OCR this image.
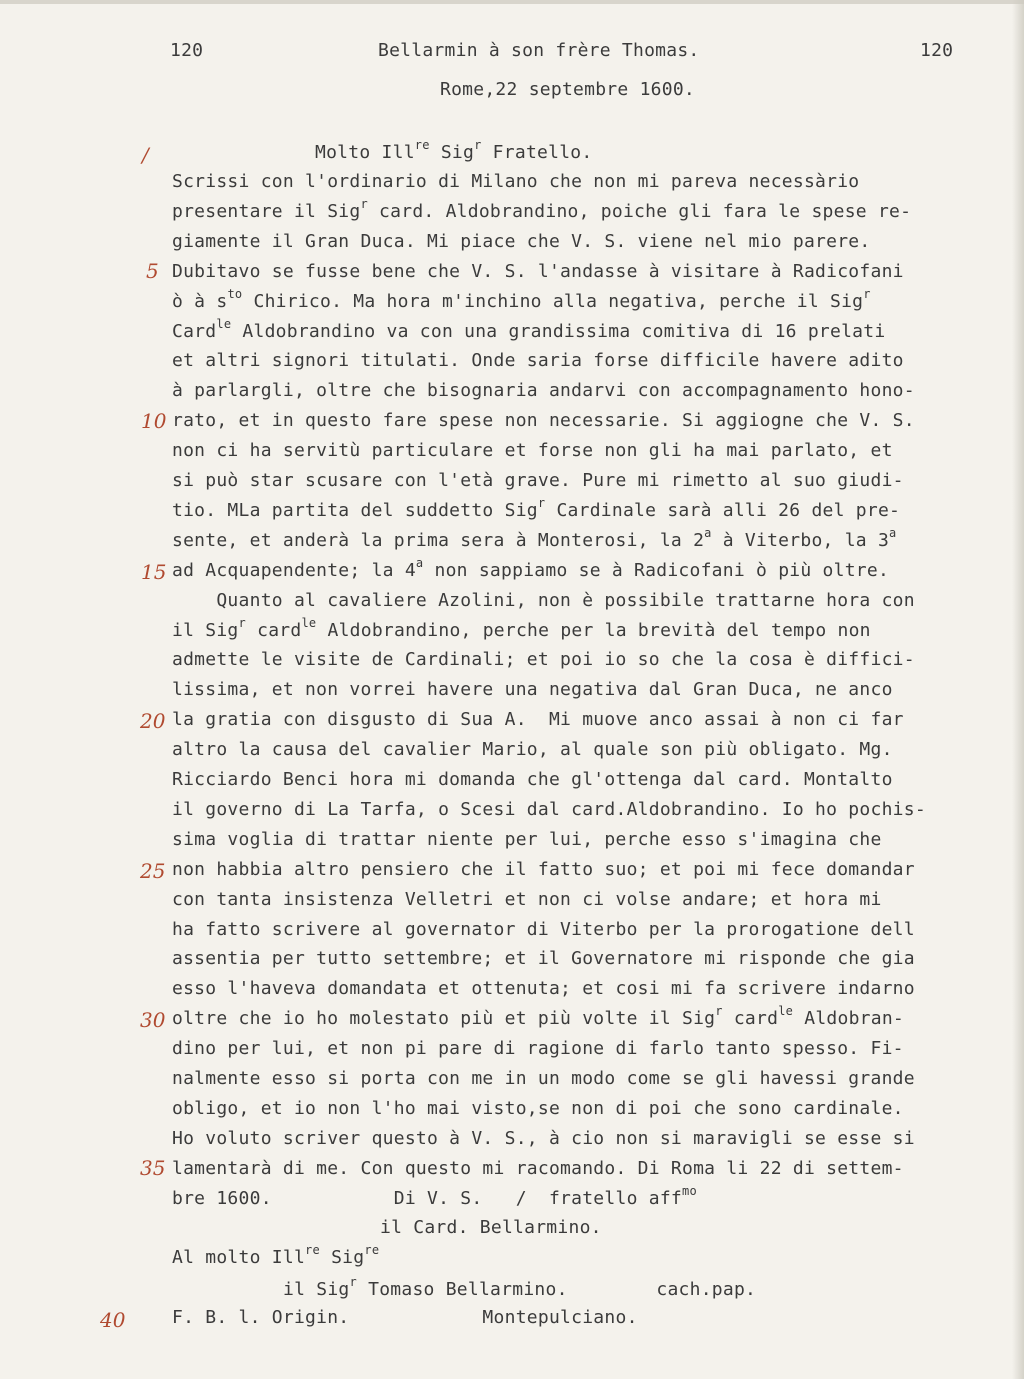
120	Bellarmin à son frère Thomas.	120
Rome,22 septembre 1600.
Molto Ill$^{re}$ Sig$^r$ Fratello.
Scrissi con l'ordinario di Milano che non mi pareva necessàrio
presentare il Sig$^r$ card. Aldobrandino, poiche gli fara le spese re-
giamente il Gran Duca. Mi piace che V. S. viene nel mio parere.
Dubitavo se fusse bene che V. S. l'andasse à visitare à Radicofani
ò à $s^{to}$ Chirico. Ma hora m'inchino alla negativa, perche il Sig$^r$
Card$^{le}$ Aldobrandino va con una grandissima comitiva di 16 prelati
et altri signori titulati. Onde saria forse difficile havere adito
à parlargli, oltre che bisognaria andarvi con accompagnamento hono-
rato, et in questo fare spese non necessarie. Si aggiogne che V. S.
non ci ha servitù particulare et forse non gli ha mai parlato, et
si può star scusare con l'età grave. Pure mi rimetto al suo giudi-
tio. MLa partita del suddetto Sig$^r$ Cardinale sarà alli 26 del pre-
sente, et anderà la prima sera à Monterosi, la 2$^a$ à Viterbo, la 3$^a$
ad Acquapendente; la 4$^a$ non sappiamo se à Radicofani ò più oltre.
Quanto al cavaliere Azolini, non è possibile trattarne hora con
il Sig$^r$ card$^{le}$ Aldobrandino, perche per la brevità del tempo non
admette le visite de Cardinali; et poi io so che la cosa è diffici-
lissima, et non vorrei havere una negativa dal Gran Duca, ne anco
la gratia con disgusto di Sua A.  Mi muove anco assai à non ci far
altro la causa del cavalier Mario, al quale son più obligato. Mg.
Ricciardo Benci hora mi domanda che gl'ottenga dal card. Montalto
il governo di La Tarfa, o Scesi dal card.Aldobrandino. Io ho pochis-
sima voglia di trattar niente per lui, perche esso s'imagina che
non habbia altro pensiero che il fatto suo; et poi mi fece domandar
con tanta insistenza Velletri et non ci volse andare; et hora mi
ha fatto scrivere al governator di Viterbo per la prorogatione dell
assentia per tutto settembre; et il Governatore mi risponde che gia
esso l'haveva domandata et ottenuta; et cosi mi fa scrivere indarno
oltre che io ho molestato più et più volte il Sig$^r$ card$^{le}$ Aldobran-
dino per lui, et non pi pare di ragione di farlo tanto spesso. Fi-
nalmente esso si porta con me in un modo come se gli havessi grande
obligo, et io non l'ho mai visto,se non di poi che sono cardinale.
Ho voluto scriver questo à V. S., à cio non si maravigli se esse si
lamentarà di me. Con questo mi racomando. Di Roma li 22 di settem-
bre 1600.           Di V. S.   /  fratello aff$^{mo}$
il Card. Bellarmino.
Al molto Ill$^{re}$ Sig$^{re}$
il Sig$^r$ Tomaso Bellarmino.        cach.pap.
F. B. l. Origin.            Montepulciano.
/
5
10
15
20
25
30
35
40
